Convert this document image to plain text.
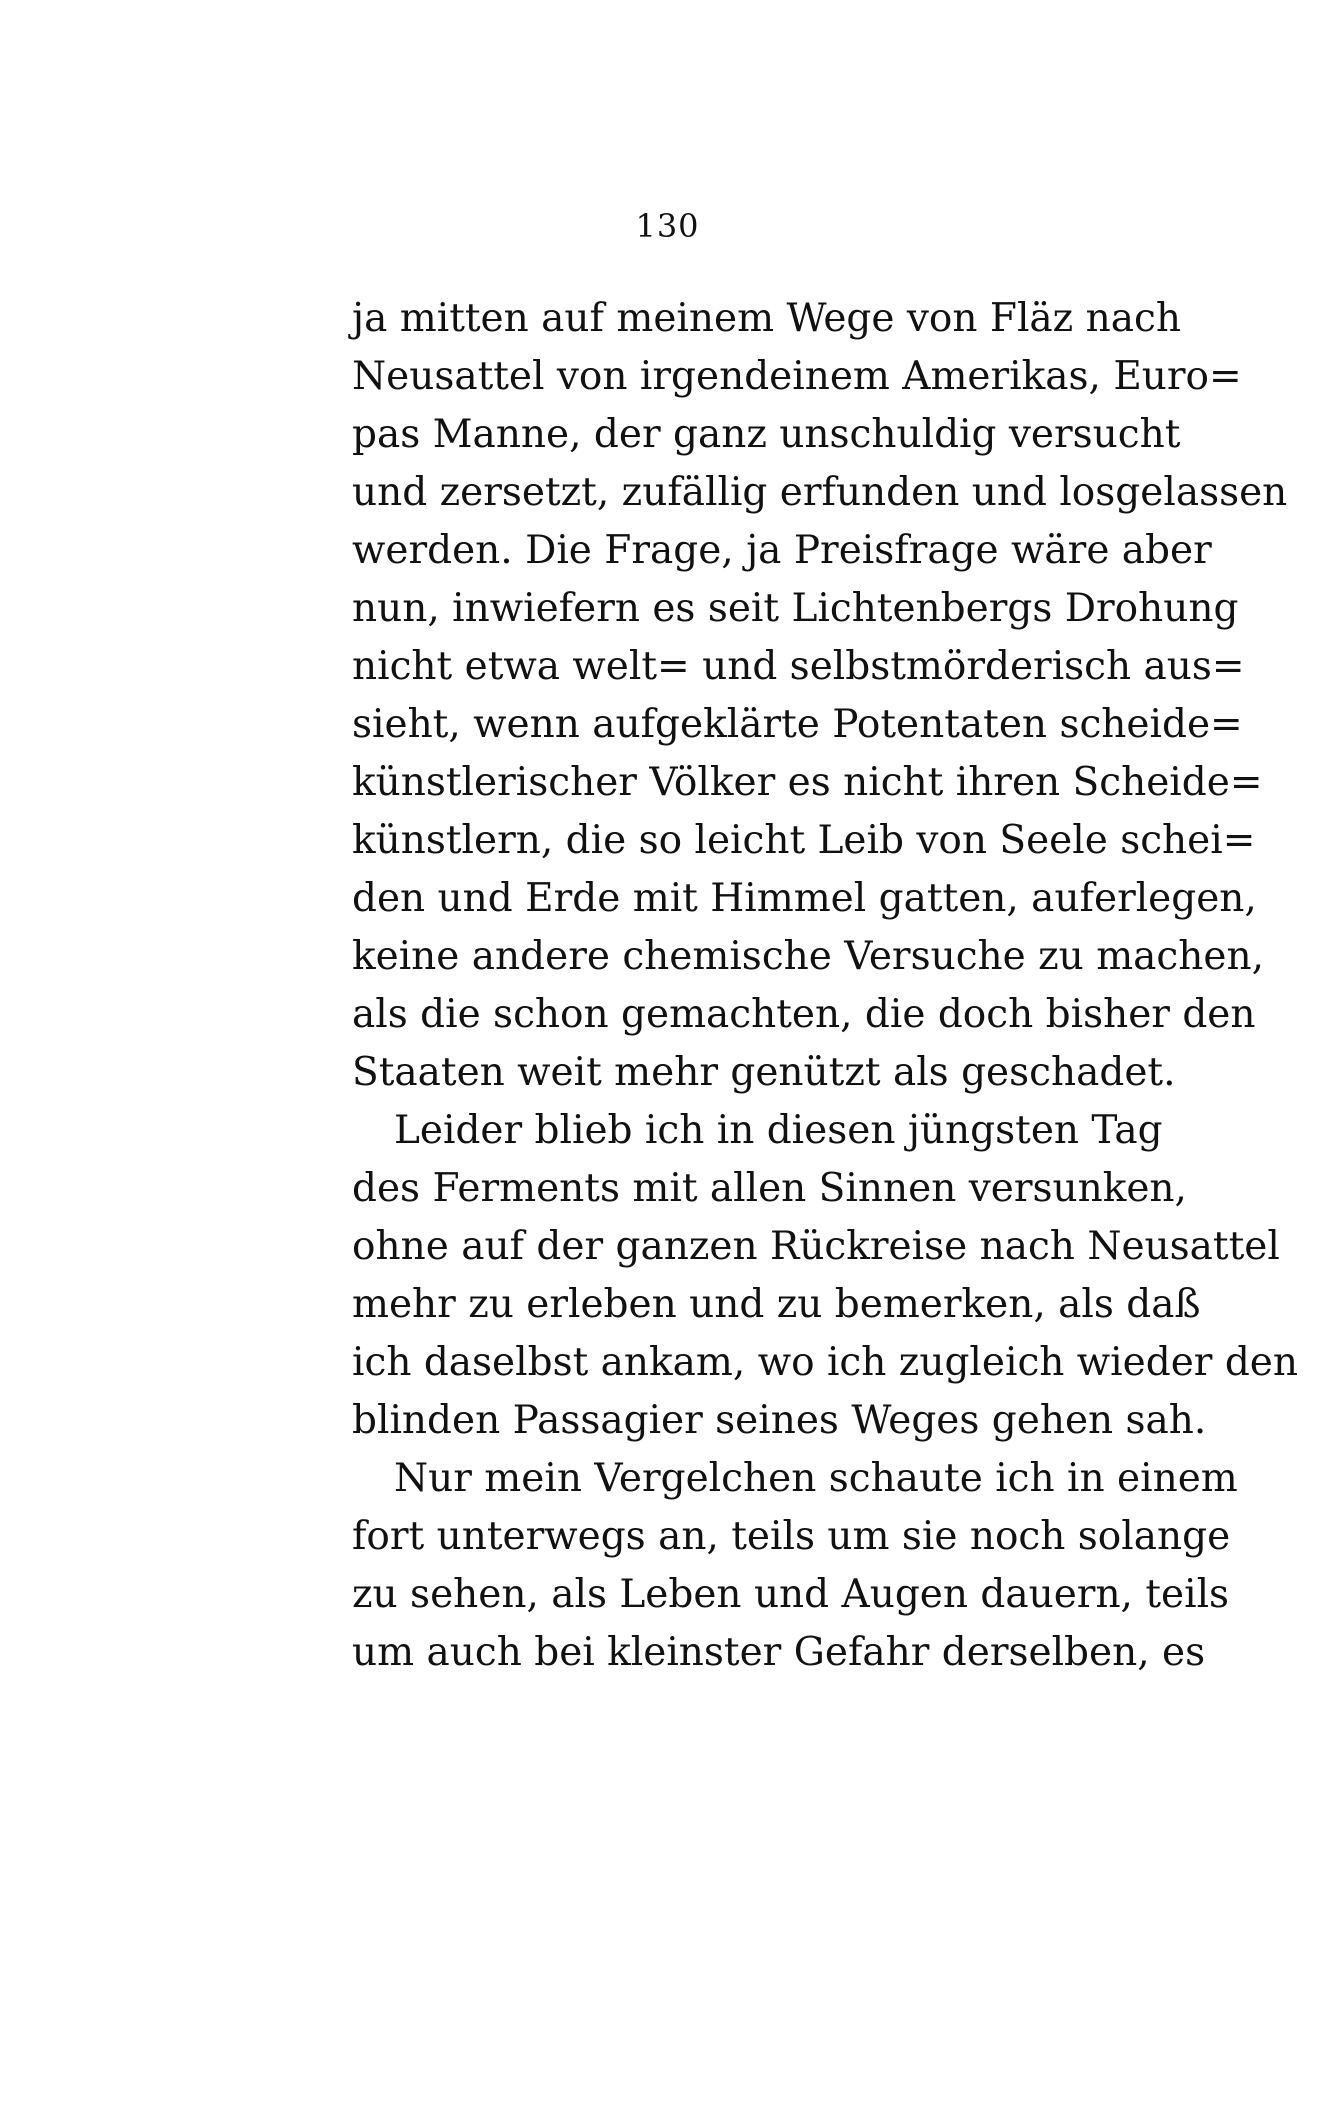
130
ja mitten auf meinem Wege von Fläz nach
Neusattel von irgendeinem Amerikas, Euro=
pas Manne, der ganz unschuldig versucht
und zersetzt, zufällig erfunden und losgelassen
werden. Die Frage, ja Preisfrage wäre aber
nun, inwiefern es seit Lichtenbergs Drohung
nicht etwa welt= und selbstmörderisch aus=
sieht, wenn aufgeklärte Potentaten scheide=
künstlerischer Völker es nicht ihren Scheide=
künstlern, die so leicht Leib von Seele schei=
den und Erde mit Himmel gatten, auferlegen,
keine andere chemische Versuche zu machen,
als die schon gemachten, die doch bisher den
Staaten weit mehr genützt als geschadet.
Leider blieb ich in diesen jüngsten Tag
des Ferments mit allen Sinnen versunken,
ohne auf der ganzen Rückreise nach Neusattel
mehr zu erleben und zu bemerken, als daß
ich daselbst ankam, wo ich zugleich wieder den
blinden Passagier seines Weges gehen sah.
Nur mein Vergelchen schaute ich in einem
fort unterwegs an, teils um sie noch solange
zu sehen, als Leben und Augen dauern, teils
um auch bei kleinster Gefahr derselben, es
